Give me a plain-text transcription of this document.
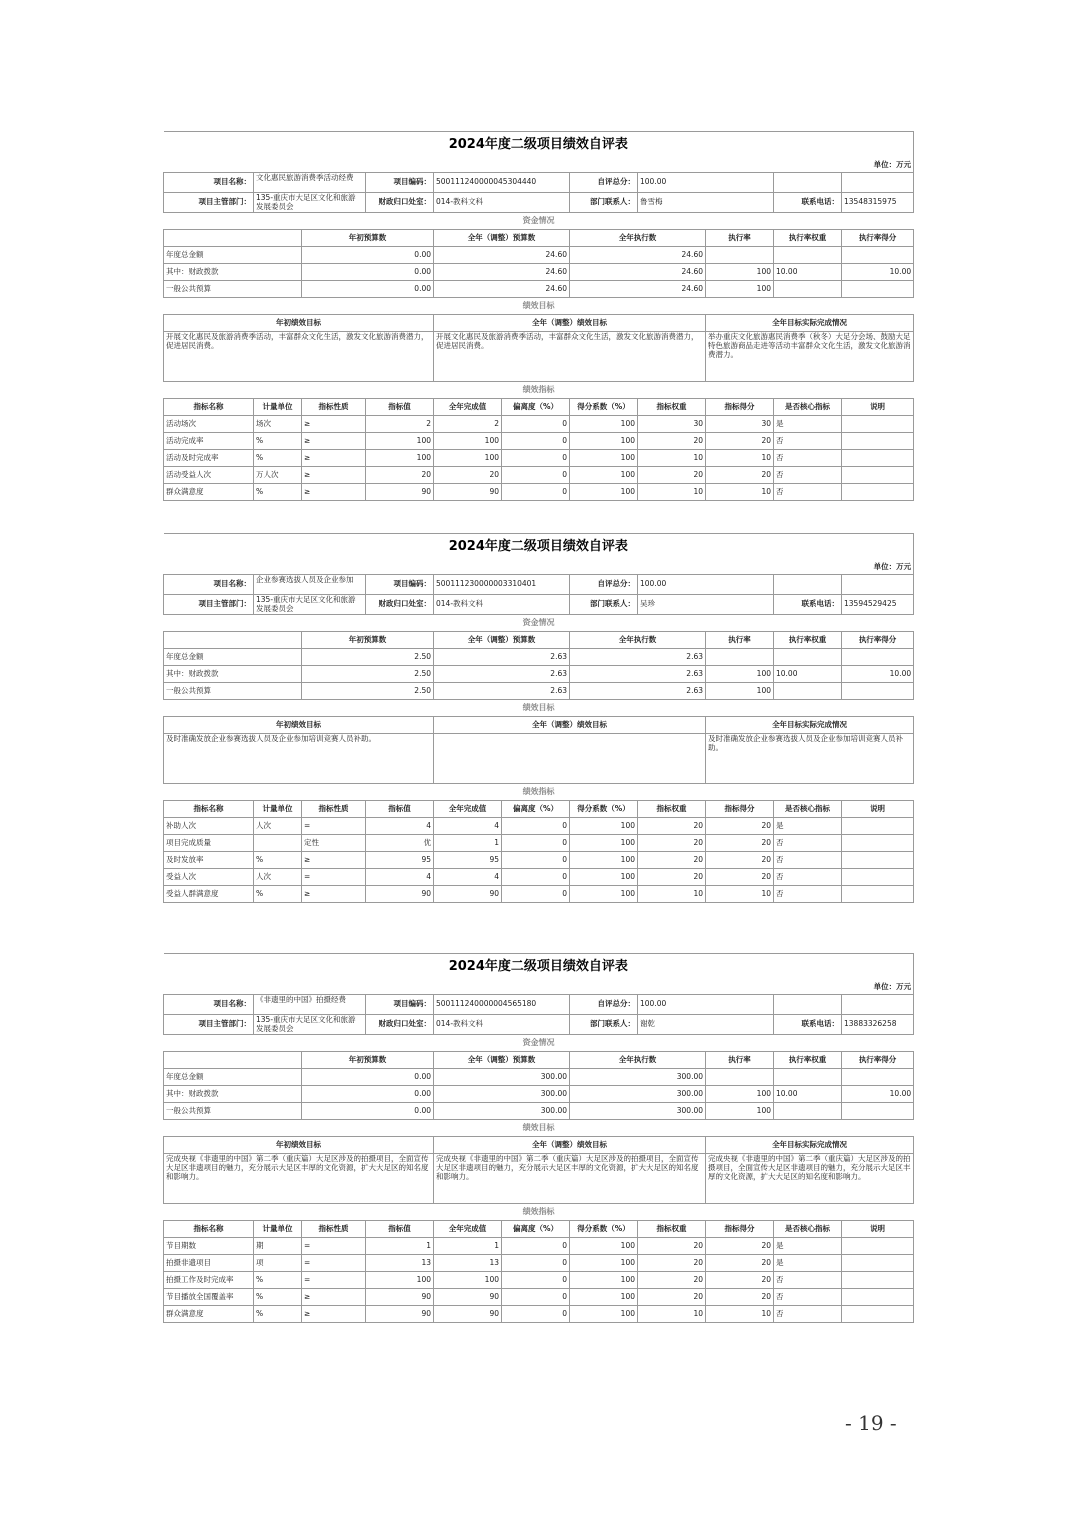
2024年度二级项目绩效自评表										
单位：万元										
项目名称：	文化惠民旅游消费季活动经费		项目编码：	500111240000045304440		自评总分：	100.00			
项目主管部门：	135-重庆市大足区文化和旅游发展委员会		财政归口处室：	014-教科文科		部门联系人：	鲁雪梅		联系电话：	13548315975
资金情况										
		年初预算数		全年（调整）预算数		全年执行数		执行率	执行率权重	执行率得分
年度总金额		0.00		24.60		24.60				
其中：财政拨款		0.00		24.60		24.60		100	10.00	10.00
一般公共预算		0.00		24.60		24.60		100		
绩效目标										
年初绩效目标				全年（调整）绩效目标				全年目标实际完成情况		
开展文化惠民及旅游消费季活动，丰富群众文化生活，激发文化旅游消费潜力，促进居民消费。				开展文化惠民及旅游消费季活动，丰富群众文化生活，激发文化旅游消费潜力，促进居民消费。				举办重庆文化旅游惠民消费季（秋冬）大足分会场、鼓励大足特色旅游商品走进等活动丰富群众文化生活，激发文化旅游消费潜力。		
绩效指标										
指标名称	计量单位	指标性质	指标值	全年完成值	偏离度（%）	得分系数（%）	指标权重	指标得分	是否核心指标	说明
活动场次	场次	≥	2	2	0	100	30	30	是	
活动完成率	%	≥	100	100	0	100	20	20	否	
活动及时完成率	%	≥	100	100	0	100	10	10	否	
活动受益人次	万人次	≥	20	20	0	100	20	20	否	
群众满意度	%	≥	90	90	0	100	10	10	否	
2024年度二级项目绩效自评表										
单位：万元										
项目名称：	企业参赛选拔人员及企业参加		项目编码：	500111230000003310401		自评总分：	100.00			
项目主管部门：	135-重庆市大足区文化和旅游发展委员会		财政归口处室：	014-教科文科		部门联系人：	吴珍		联系电话：	13594529425
资金情况										
		年初预算数		全年（调整）预算数		全年执行数		执行率	执行率权重	执行率得分
年度总金额		2.50		2.63		2.63				
其中：财政拨款		2.50		2.63		2.63		100	10.00	10.00
一般公共预算		2.50		2.63		2.63		100		
绩效目标										
年初绩效目标				全年（调整）绩效目标				全年目标实际完成情况		
及时准确发放企业参赛选拔人员及企业参加培训竞赛人员补助。								及时准确发放企业参赛选拔人员及企业参加培训竞赛人员补助。		
绩效指标										
指标名称	计量单位	指标性质	指标值	全年完成值	偏离度（%）	得分系数（%）	指标权重	指标得分	是否核心指标	说明
补助人次	人次	=	4	4	0	100	20	20	是	
项目完成质量		定性	优	1	0	100	20	20	否	
及时发放率	%	≥	95	95	0	100	20	20	否	
受益人次	人次	=	4	4	0	100	20	20	否	
受益人群满意度	%	≥	90	90	0	100	10	10	否	
2024年度二级项目绩效自评表										
单位：万元										
项目名称：	《非遗里的中国》拍摄经费		项目编码：	500111240000004565180		自评总分：	100.00			
项目主管部门：	135-重庆市大足区文化和旅游发展委员会		财政归口处室：	014-教科文科		部门联系人：	谢乾		联系电话：	13883326258
资金情况										
		年初预算数		全年（调整）预算数		全年执行数		执行率	执行率权重	执行率得分
年度总金额		0.00		300.00		300.00				
其中：财政拨款		0.00		300.00		300.00		100	10.00	10.00
一般公共预算		0.00		300.00		300.00		100		
绩效目标										
年初绩效目标				全年（调整）绩效目标				全年目标实际完成情况		
完成央视《非遗里的中国》第二季（重庆篇）大足区涉及的拍摄项目，全面宣传大足区非遗项目的魅力，充分展示大足区丰厚的文化资源，扩大大足区的知名度和影响力。				完成央视《非遗里的中国》第二季（重庆篇）大足区涉及的拍摄项目，全面宣传大足区非遗项目的魅力，充分展示大足区丰厚的文化资源，扩大大足区的知名度和影响力。				完成央视《非遗里的中国》第二季（重庆篇）大足区涉及的拍摄项目，全面宣传大足区非遗项目的魅力，充分展示大足区丰厚的文化资源，扩大大足区的知名度和影响力。		
绩效指标										
指标名称	计量单位	指标性质	指标值	全年完成值	偏离度（%）	得分系数（%）	指标权重	指标得分	是否核心指标	说明
节目期数	期	=	1	1	0	100	20	20	是	
拍摄非遗项目	项	=	13	13	0	100	20	20	是	
拍摄工作及时完成率	%	=	100	100	0	100	20	20	否	
节目播放全国覆盖率	%	≥	90	90	0	100	20	20	否	
群众满意度	%	≥	90	90	0	100	10	10	否	
- 19 -
